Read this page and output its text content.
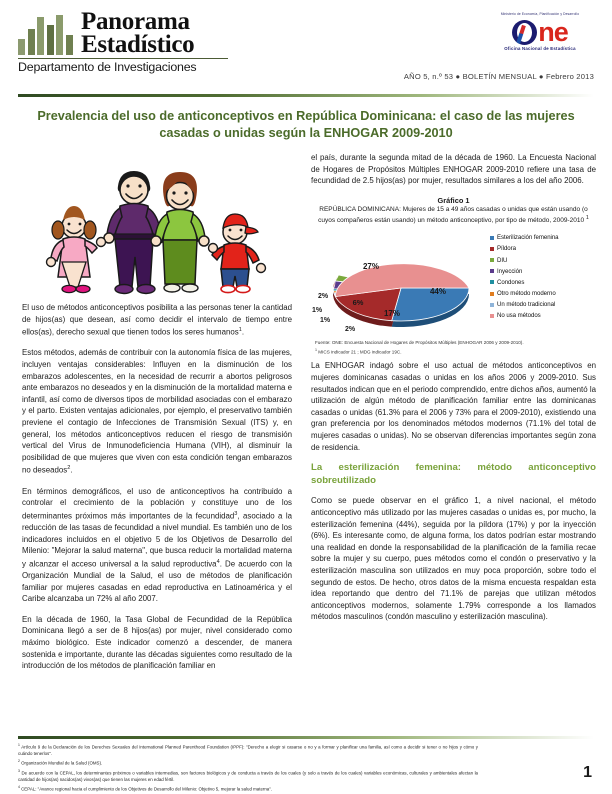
Panorama
Estadístico
Departamento de Investigaciones
Ministerio de Economía, Planificación y Desarrollo
ne
Oficina Nacional de Estadística
AÑO 5, n.º 53 ● BOLETÍN MENSUAL ● Febrero 2013
Prevalencia del uso de anticonceptivos en República Dominicana: el caso de las mujeres casadas o unidas según la ENHOGAR 2009-2010

El uso de métodos anticonceptivos posibilita a las personas tener la cantidad de hijos(as) que desean, así como decidir el intervalo de tiempo entre ellos(as), derecho sexual que tienen todos los seres humanos$^1$.

Estos métodos, además de contribuir con la autonomía física de las mujeres, incluyen ventajas considerables: Influyen en la disminución de los embarazos adolescentes, en la necesidad de recurrir a abortos peligrosos ante embarazos no deseados y en la disminución de la mortalidad materna e infantil, así como de diversos tipos de morbilidad asociadas con el embarazo y el parto. Existen ventajas adicionales, por ejemplo, el preservativo también previene el contagio de Infecciones de Transmisión Sexual (ITS) y, en general, los métodos anticonceptivos reducen el riesgo de transmisión vertical del Virus de Inmunodeficiencia Humana (VIH), al disminuir la posibilidad de que mujeres que viven con esta condición tengan embarazos no deseados$^2$.

En términos demográficos, el uso de anticonceptivos ha contribuido a controlar el crecimiento de la población y constituye uno de los determinantes próximos más importantes de la fecundidad$^3$, asociado a la reducción de las tasas de fecundidad a nivel mundial. Es también uno de los indicadores incluidos en el objetivo 5 de los Objetivos de Desarrollo del Milenio: "Mejorar la salud materna", que busca reducir la mortalidad materna y alcanzar el acceso universal a la salud reproductiva$^4$. De acuerdo con la Organización Mundial de la Salud, el uso de métodos de planificación familiar por mujeres casadas en edad reproductiva en Latinoamérica y el Caribe alcanzaba un 72% al año 2007.

En la década de 1960, la Tasa Global de Fecundidad de la República Dominicana llegó a ser de 8 hijos(as) por mujer, nivel considerado como máximo biológico. Este indicador comenzó a descender, de manera sostenida e importante, durante las décadas siguientes como resultado de la introducción de los métodos de planificación familiar en

el país, durante la segunda mitad de la década de 1960. La Encuesta Nacional de Hogares de Propósitos Múltiples ENHOGAR 2009-2010 refiere una tasa de fecundidad de 2.5 hijos(as) por mujer, resultados similares a los del año 2006.

Gráfico 1
REPÚBLICA DOMINICANA: Mujeres de 15 a 49 años casadas o unidas que están usando (o cuyos compañeros están usando) un método anticonceptivo, por tipo de método, 2009-2010 $^1$
44%
17%
2%
6%
1%
1%
2%
27%
Esterilización femenina
Píldora
DIU
Inyección
Condones
Otro método moderno
Un método tradicional
No usa métodos
Fuente: ONE: Encuesta Nacional de Hogares de Propósitos Múltiples (ENHOGAR 2006 y 2009-2010).
$^1$ MICS indicador 21 ; MDG indicador 19C.

La ENHOGAR indagó sobre el uso actual de métodos anticonceptivos en mujeres dominicanas casadas o unidas en los años 2006 y 2009-2010. Sus resultados indican que en el periodo comprendido, entre dichos años, aumentó la utilización de algún método de planificación familiar entre las dominicanas casadas o unidas (61.3% para el 2006 y 73% para el 2009-2010), existiendo una gran preferencia por los denominados métodos modernos (71.1% del total de mujeres casadas o unidas). No se observan diferencias importantes según zona de residencia.

La esterilización femenina: método anticonceptivo sobreutilizado

Como se puede observar en el gráfico 1, a nivel nacional, el método anticonceptivo más utilizado por las mujeres casadas o unidas es, por mucho, la esterilización femenina (44%), seguida por la píldora (17%) y por la inyección (6%). Es interesante como, de alguna forma, los datos podrían estar mostrando una realidad en donde la responsabilidad de la planificación de la familia recae sobre la mujer y su cuerpo, pues métodos como el condón o preservativo y la esterilización masculina son utilizados en muy poca proporción, sobre todo el segundo de estos. De hecho, otros datos de la misma encuesta respaldan esta idea reportando que dentro del 71.1% de parejas que utilizan métodos anticonceptivos modernos, solamente 1.79% corresponde a los llamados métodos masculinos (condón masculino y esterilización masculina).

$^1$ Artículo 9 de la Declaración de los Derechos Sexuales del International Planned Parenthood Foundation (IPPF): "Derecho a elegir si casarse o no y a formar y planificar una familia, así como a decidir si tener o no hijos y cómo y cuándo tenerlos".
$^2$ Organización Mundial de la Salud (OMS).
$^3$ De acuerdo con la CEPAL, los determinantes próximos o variables intermedias, son factores biológicos y de conducta a través de los cuales (y solo a través de los cuales) variables económicas, culturales y ambientales afectan la cantidad de hijos(as) nacidos(as) vivos(as) que tienen las mujeres en edad fértil.
$^4$ CEPAL: "Avance regional hacia el cumplimiento de los Objetivos de Desarrollo del Milenio: Objetivo 5, mejorar la salud materna".
1
